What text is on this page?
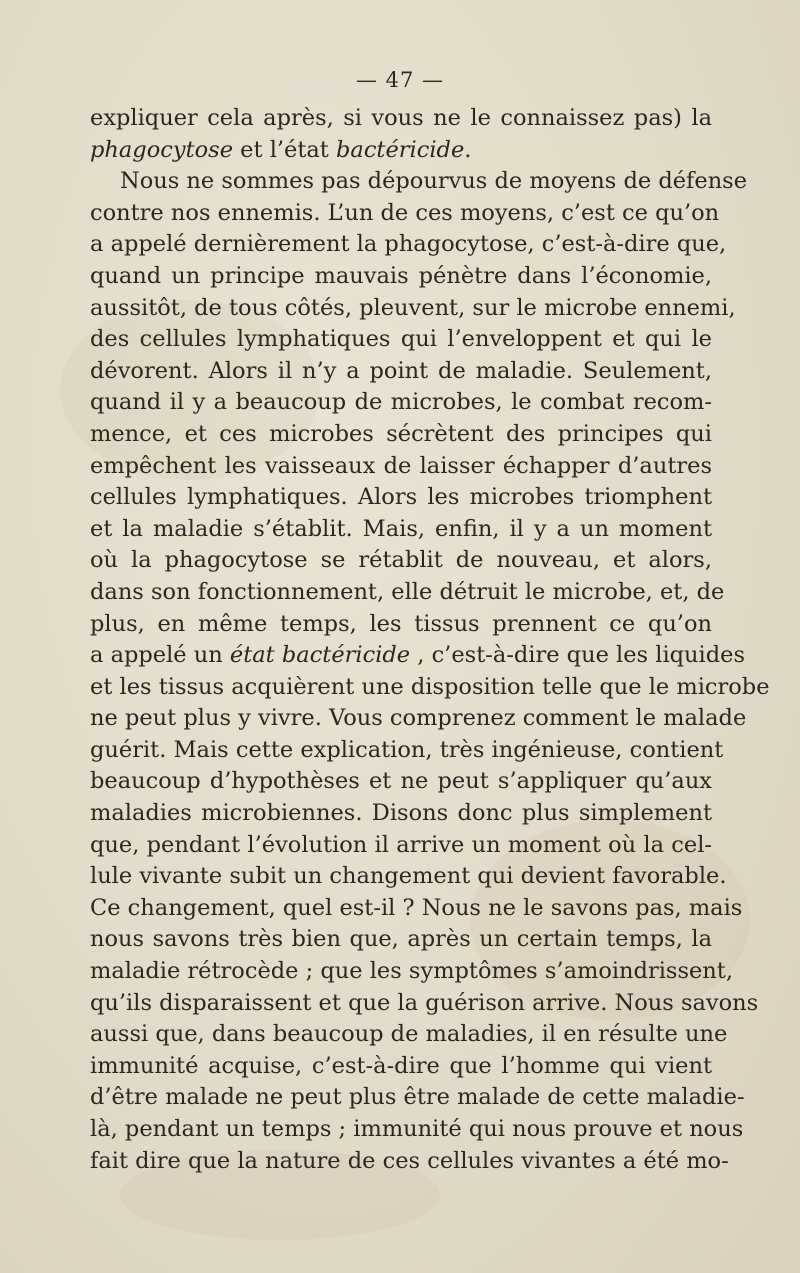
— 47 —
expliquer cela après, si vous ne le connaissez pas) la
phagocytose et l’état bactéricide.
Nous ne sommes pas dépourvus de moyens de défense
contre nos ennemis. L’un de ces moyens, c’est ce qu’on
a appelé dernièrement la phagocytose, c’est-à-dire que,
quand un principe mauvais pénètre dans l’économie,
aussitôt, de tous côtés, pleuvent, sur le microbe ennemi,
des cellules lymphatiques qui l’enveloppent et qui le
dévorent. Alors il n’y a point de maladie. Seulement,
quand il y a beaucoup de microbes, le combat recom-
mence, et ces microbes sécrètent des principes qui
empêchent les vaisseaux de laisser échapper d’autres
cellules lymphatiques. Alors les microbes triomphent
et la maladie s’établit. Mais, enfin, il y a un moment
où la phagocytose se rétablit de nouveau, et alors,
dans son fonctionnement, elle détruit le microbe, et, de
plus, en même temps, les tissus prennent ce qu’on
a appelé un état bactéricide , c’est-à-dire que les liquides
et les tissus acquièrent une disposition telle que le microbe
ne peut plus y vivre. Vous comprenez comment le malade
guérit. Mais cette explication, très ingénieuse, contient
beaucoup d’hypothèses et ne peut s’appliquer qu’aux
maladies microbiennes. Disons donc plus simplement
que, pendant l’évolution il arrive un moment où la cel-
lule vivante subit un changement qui devient favorable.
Ce changement, quel est-il ? Nous ne le savons pas, mais
nous savons très bien que, après un certain temps, la
maladie rétrocède ; que les symptômes s’amoindrissent,
qu’ils disparaissent et que la guérison arrive. Nous savons
aussi que, dans beaucoup de maladies, il en résulte une
immunité acquise, c’est-à-dire que l’homme qui vient
d’être malade ne peut plus être malade de cette maladie-
là, pendant un temps ; immunité qui nous prouve et nous
fait dire que la nature de ces cellules vivantes a été mo-
